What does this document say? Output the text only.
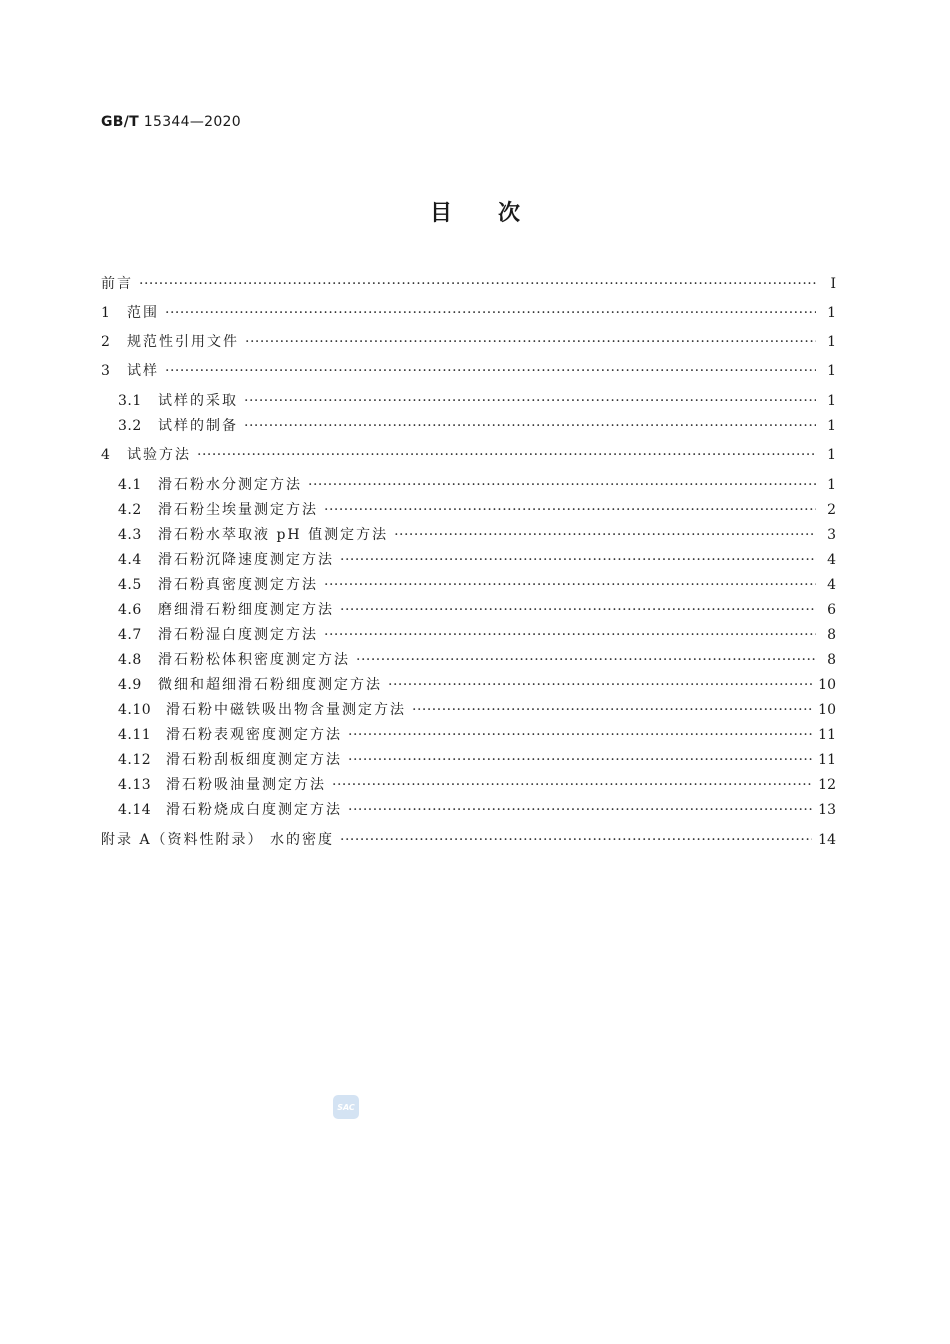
GB/T 15344—2020
目次
前言 ·····	I
1	范围 ·····	1
2	规范性引用文件 ·····	1
3	试样 ·····	1
3.1	试样的采取 ·····	1
3.2	试样的制备 ·····	1
4	试验方法 ·····	1
4.1	滑石粉水分测定方法 ·····	1
4.2	滑石粉尘埃量测定方法 ·····	2
4.3	滑石粉水萃取液 pH 值测定方法 ·····	3
4.4	滑石粉沉降速度测定方法 ·····	4
4.5	滑石粉真密度测定方法 ·····	4
4.6	磨细滑石粉细度测定方法 ·····	6
4.7	滑石粉湿白度测定方法 ·····	8
4.8	滑石粉松体积密度测定方法 ·····	8
4.9	微细和超细滑石粉细度测定方法 ·····	10
4.10	滑石粉中磁铁吸出物含量测定方法 ·····	10
4.11	滑石粉表观密度测定方法 ·····	11
4.12	滑石粉刮板细度测定方法 ·····	11
4.13	滑石粉吸油量测定方法 ·····	12
4.14	滑石粉烧成白度测定方法 ·····	13
附录 A（资料性附录） 水的密度 ·····	14
SAC
